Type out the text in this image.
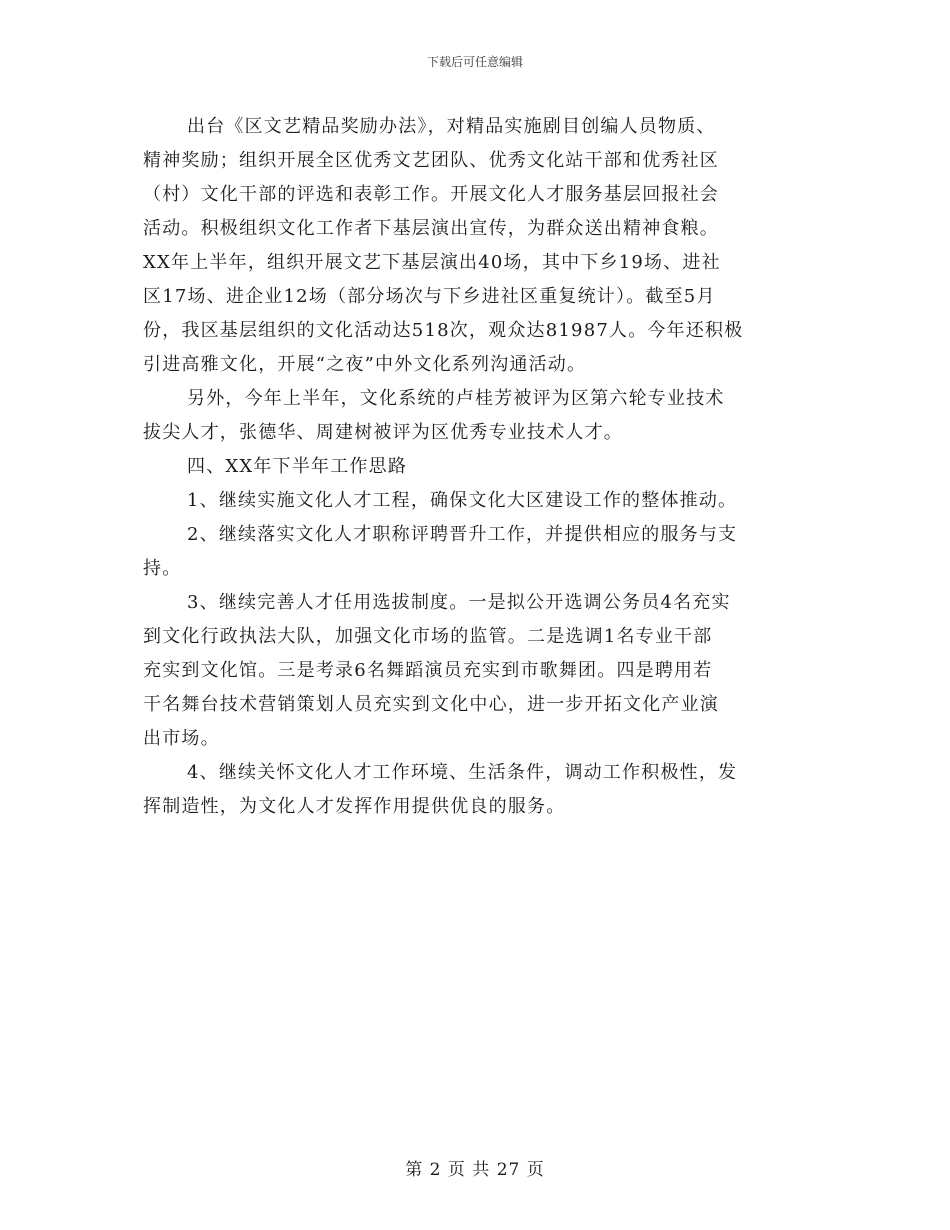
下载后可任意编辑
出台《区文艺精品奖励办法》，对精品实施剧目创编人员物质、
精神奖励；组织开展全区优秀文艺团队、优秀文化站干部和优秀社区
（村）文化干部的评选和表彰工作。开展文化人才服务基层回报社会
活动。积极组织文化工作者下基层演出宣传，为群众送出精神食粮。
XX年上半年，组织开展文艺下基层演出40场，其中下乡19场、进社
区17场、进企业12场（部分场次与下乡进社区重复统计）。截至5月
份，我区基层组织的文化活动达518次，观众达81987人。今年还积极
引进高雅文化，开展“之夜”中外文化系列沟通活动。
另外，今年上半年，文化系统的卢桂芳被评为区第六轮专业技术
拔尖人才，张德华、周建树被评为区优秀专业技术人才。
四、XX年下半年工作思路
1、继续实施文化人才工程，确保文化大区建设工作的整体推动。
2、继续落实文化人才职称评聘晋升工作，并提供相应的服务与支
持。
3、继续完善人才任用选拔制度。一是拟公开选调公务员4名充实
到文化行政执法大队，加强文化市场的监管。二是选调1名专业干部
充实到文化馆。三是考录6名舞蹈演员充实到市歌舞团。四是聘用若
干名舞台技术营销策划人员充实到文化中心，进一步开拓文化产业演
出市场。
4、继续关怀文化人才工作环境、生活条件，调动工作积极性，发
挥制造性，为文化人才发挥作用提供优良的服务。
第 2 页 共 27 页
